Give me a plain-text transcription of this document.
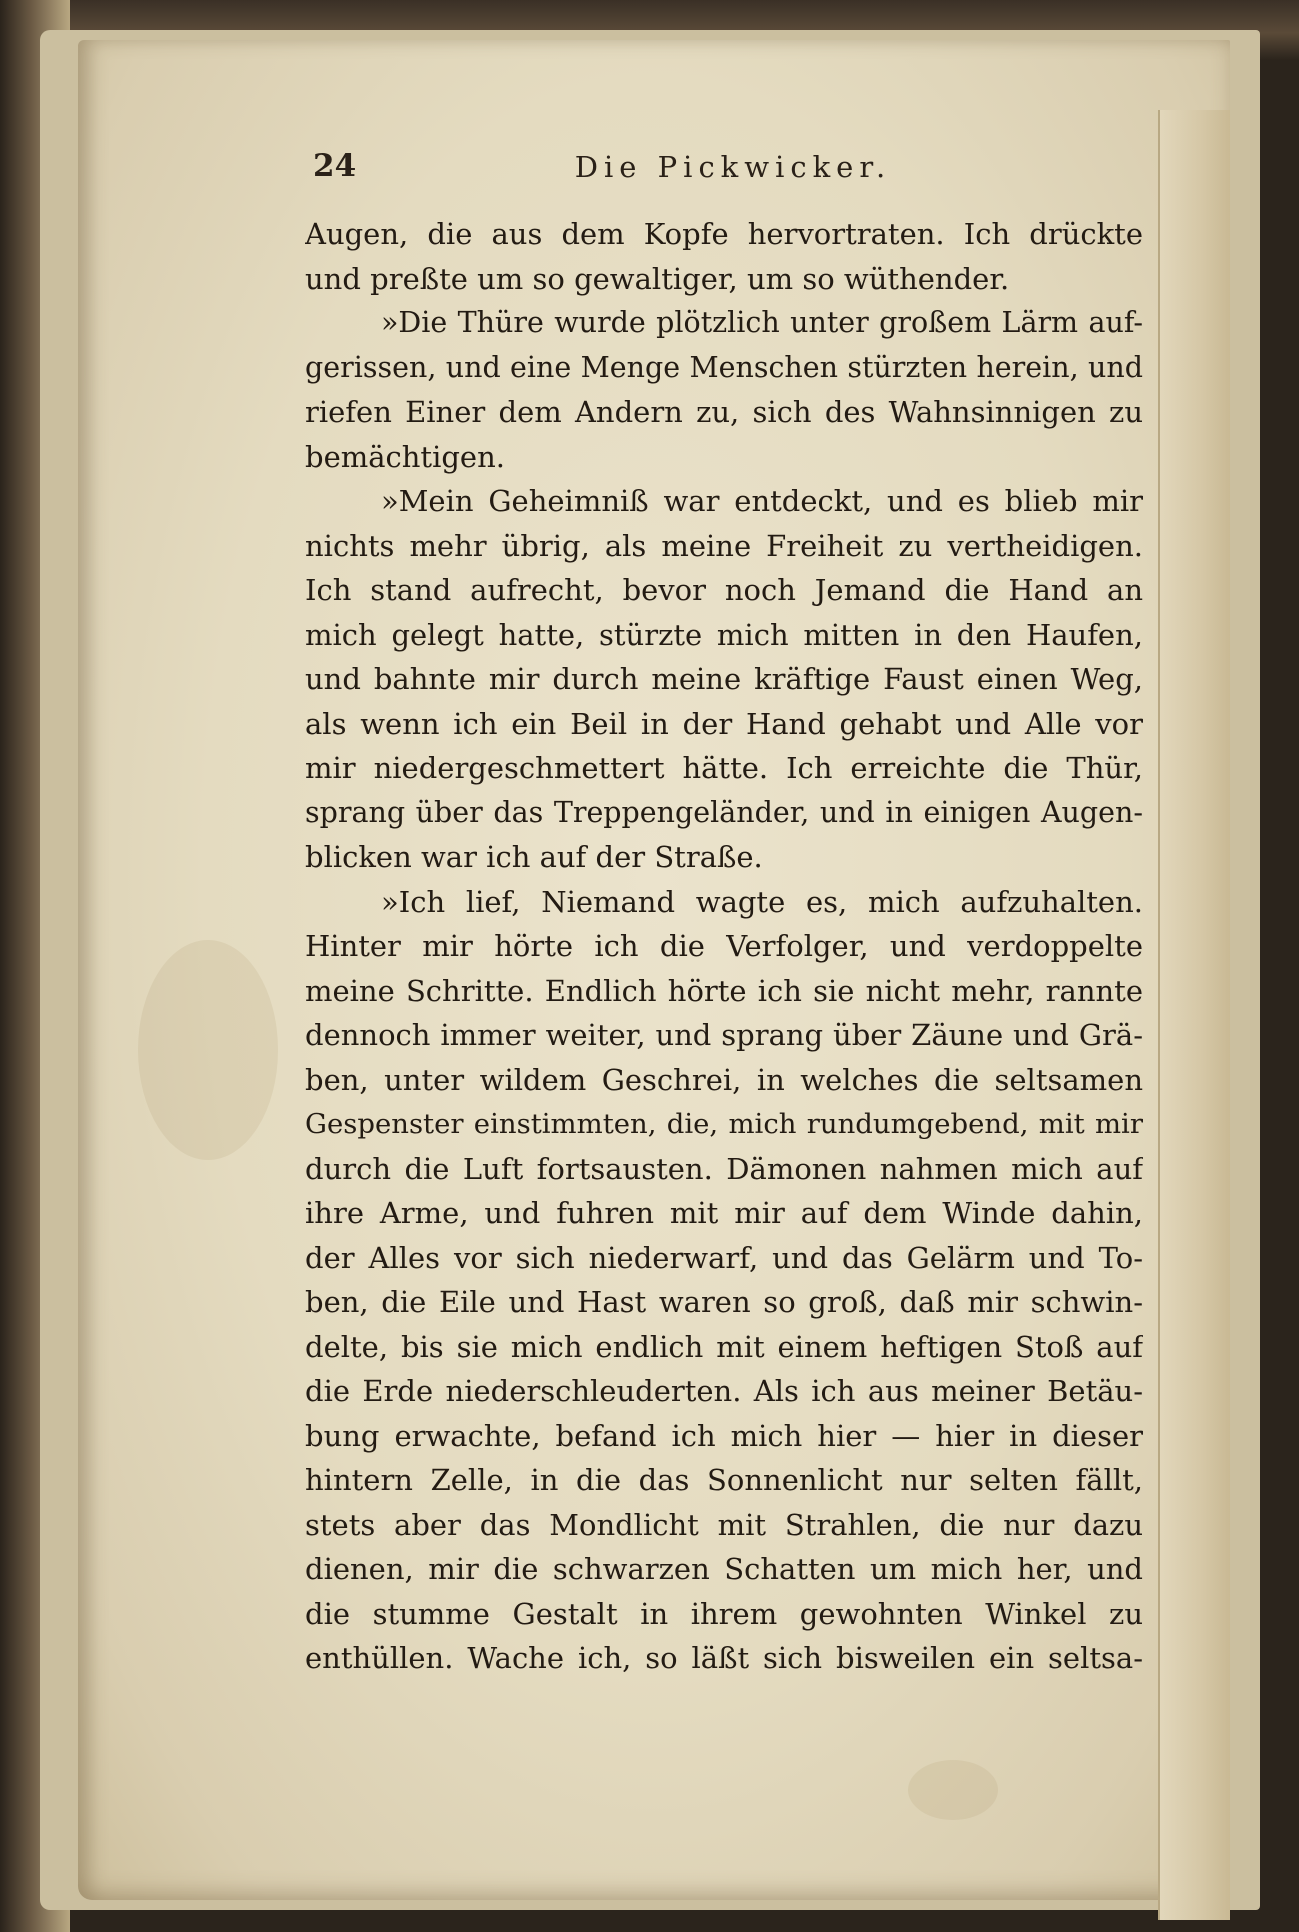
24	Die Pickwicker.
Augen, die aus dem Kopfe hervortraten. Ich drückte
und preßte um so gewaltiger, um so wüthender.
»Die Thüre wurde plötzlich unter großem Lärm auf-
gerissen, und eine Menge Menschen stürzten herein, und
riefen Einer dem Andern zu, sich des Wahnsinnigen zu
bemächtigen.
»Mein Geheimniß war entdeckt, und es blieb mir
nichts mehr übrig, als meine Freiheit zu vertheidigen.
Ich stand aufrecht, bevor noch Jemand die Hand an
mich gelegt hatte, stürzte mich mitten in den Haufen,
und bahnte mir durch meine kräftige Faust einen Weg,
als wenn ich ein Beil in der Hand gehabt und Alle vor
mir niedergeschmettert hätte. Ich erreichte die Thür,
sprang über das Treppengeländer, und in einigen Augen-
blicken war ich auf der Straße.
»Ich lief, Niemand wagte es, mich aufzuhalten.
Hinter mir hörte ich die Verfolger, und verdoppelte
meine Schritte. Endlich hörte ich sie nicht mehr, rannte
dennoch immer weiter, und sprang über Zäune und Grä-
ben, unter wildem Geschrei, in welches die seltsamen
Gespenster einstimmten, die, mich rundumgebend, mit mir
durch die Luft fortsausten. Dämonen nahmen mich auf
ihre Arme, und fuhren mit mir auf dem Winde dahin,
der Alles vor sich niederwarf, und das Gelärm und To-
ben, die Eile und Hast waren so groß, daß mir schwin-
delte, bis sie mich endlich mit einem heftigen Stoß auf
die Erde niederschleuderten. Als ich aus meiner Betäu-
bung erwachte, befand ich mich hier — hier in dieser
hintern Zelle, in die das Sonnenlicht nur selten fällt,
stets aber das Mondlicht mit Strahlen, die nur dazu
dienen, mir die schwarzen Schatten um mich her, und
die stumme Gestalt in ihrem gewohnten Winkel zu
enthüllen. Wache ich, so läßt sich bisweilen ein seltsa-
